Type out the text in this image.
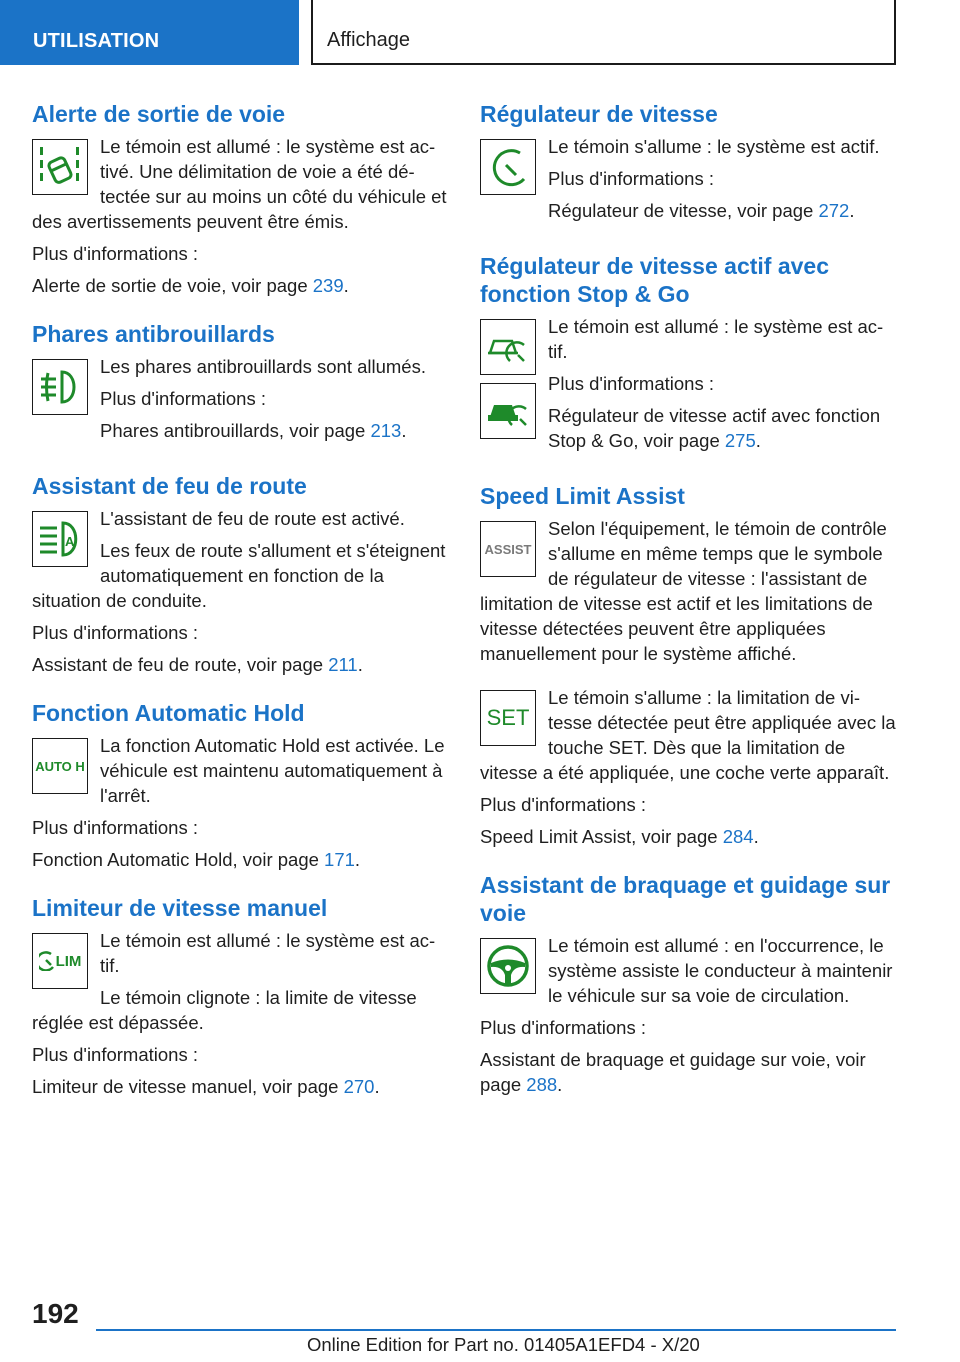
UTILISATION	Affichage
Alerte de sortie de voie

Le témoin est allumé : le système est activé. Une délimitation de voie a été détectée sur au moins un côté du véhicule et des avertissements peuvent être émis.

Plus d'informations :

Alerte de sortie de voie, voir page 239.

Phares antibrouillards

Les phares antibrouillards sont allumés.

Plus d'informations :

Phares antibrouillards, voir page 213.

Assistant de feu de route
A

L'assistant de feu de route est activé.

Les feux de route s'allument et s'éteignent automatiquement en fonction de la situation de conduite.

Plus d'informations :

Assistant de feu de route, voir page 211.

Fonction Automatic Hold
AUTO H

La fonction Automatic Hold est activée. Le véhicule est maintenu automatiquement à l'arrêt.

Plus d'informations :

Fonction Automatic Hold, voir page 171.

Limiteur de vitesse manuel
LIM

Le témoin est allumé : le système est actif.

Le témoin clignote : la limite de vitesse réglée est dépassée.

Plus d'informations :

Limiteur de vitesse manuel, voir page 270.

Régulateur de vitesse

Le témoin s'allume : le système est actif.

Plus d'informations :

Régulateur de vitesse, voir page 272.

Régulateur de vitesse actif avec fonction Stop & Go

Le témoin est allumé : le système est actif.

Plus d'informations :

Régulateur de vitesse actif avec fonction Stop & Go, voir page 275.

Speed Limit Assist
ASSIST

Selon l'équipement, le témoin de contrôle s'allume en même temps que le symbole de régulateur de vitesse : l'assistant de limitation de vitesse est actif et les limitations de vitesse détectées peuvent être appliquées manuellement pour le système affiché.

SET

Le témoin s'allume : la limitation de vitesse détectée peut être appliquée avec la touche SET. Dès que la limitation de vitesse a été appliquée, une coche verte apparaît.

Plus d'informations :

Speed Limit Assist, voir page 284.

Assistant de braquage et guidage sur voie

Le témoin est allumé : en l'occurrence, le système assiste le conducteur à maintenir le véhicule sur sa voie de circulation.

Plus d'informations :

Assistant de braquage et guidage sur voie, voir page 288.

192
Online Edition for Part no. 01405A1EFD4 - X/20
